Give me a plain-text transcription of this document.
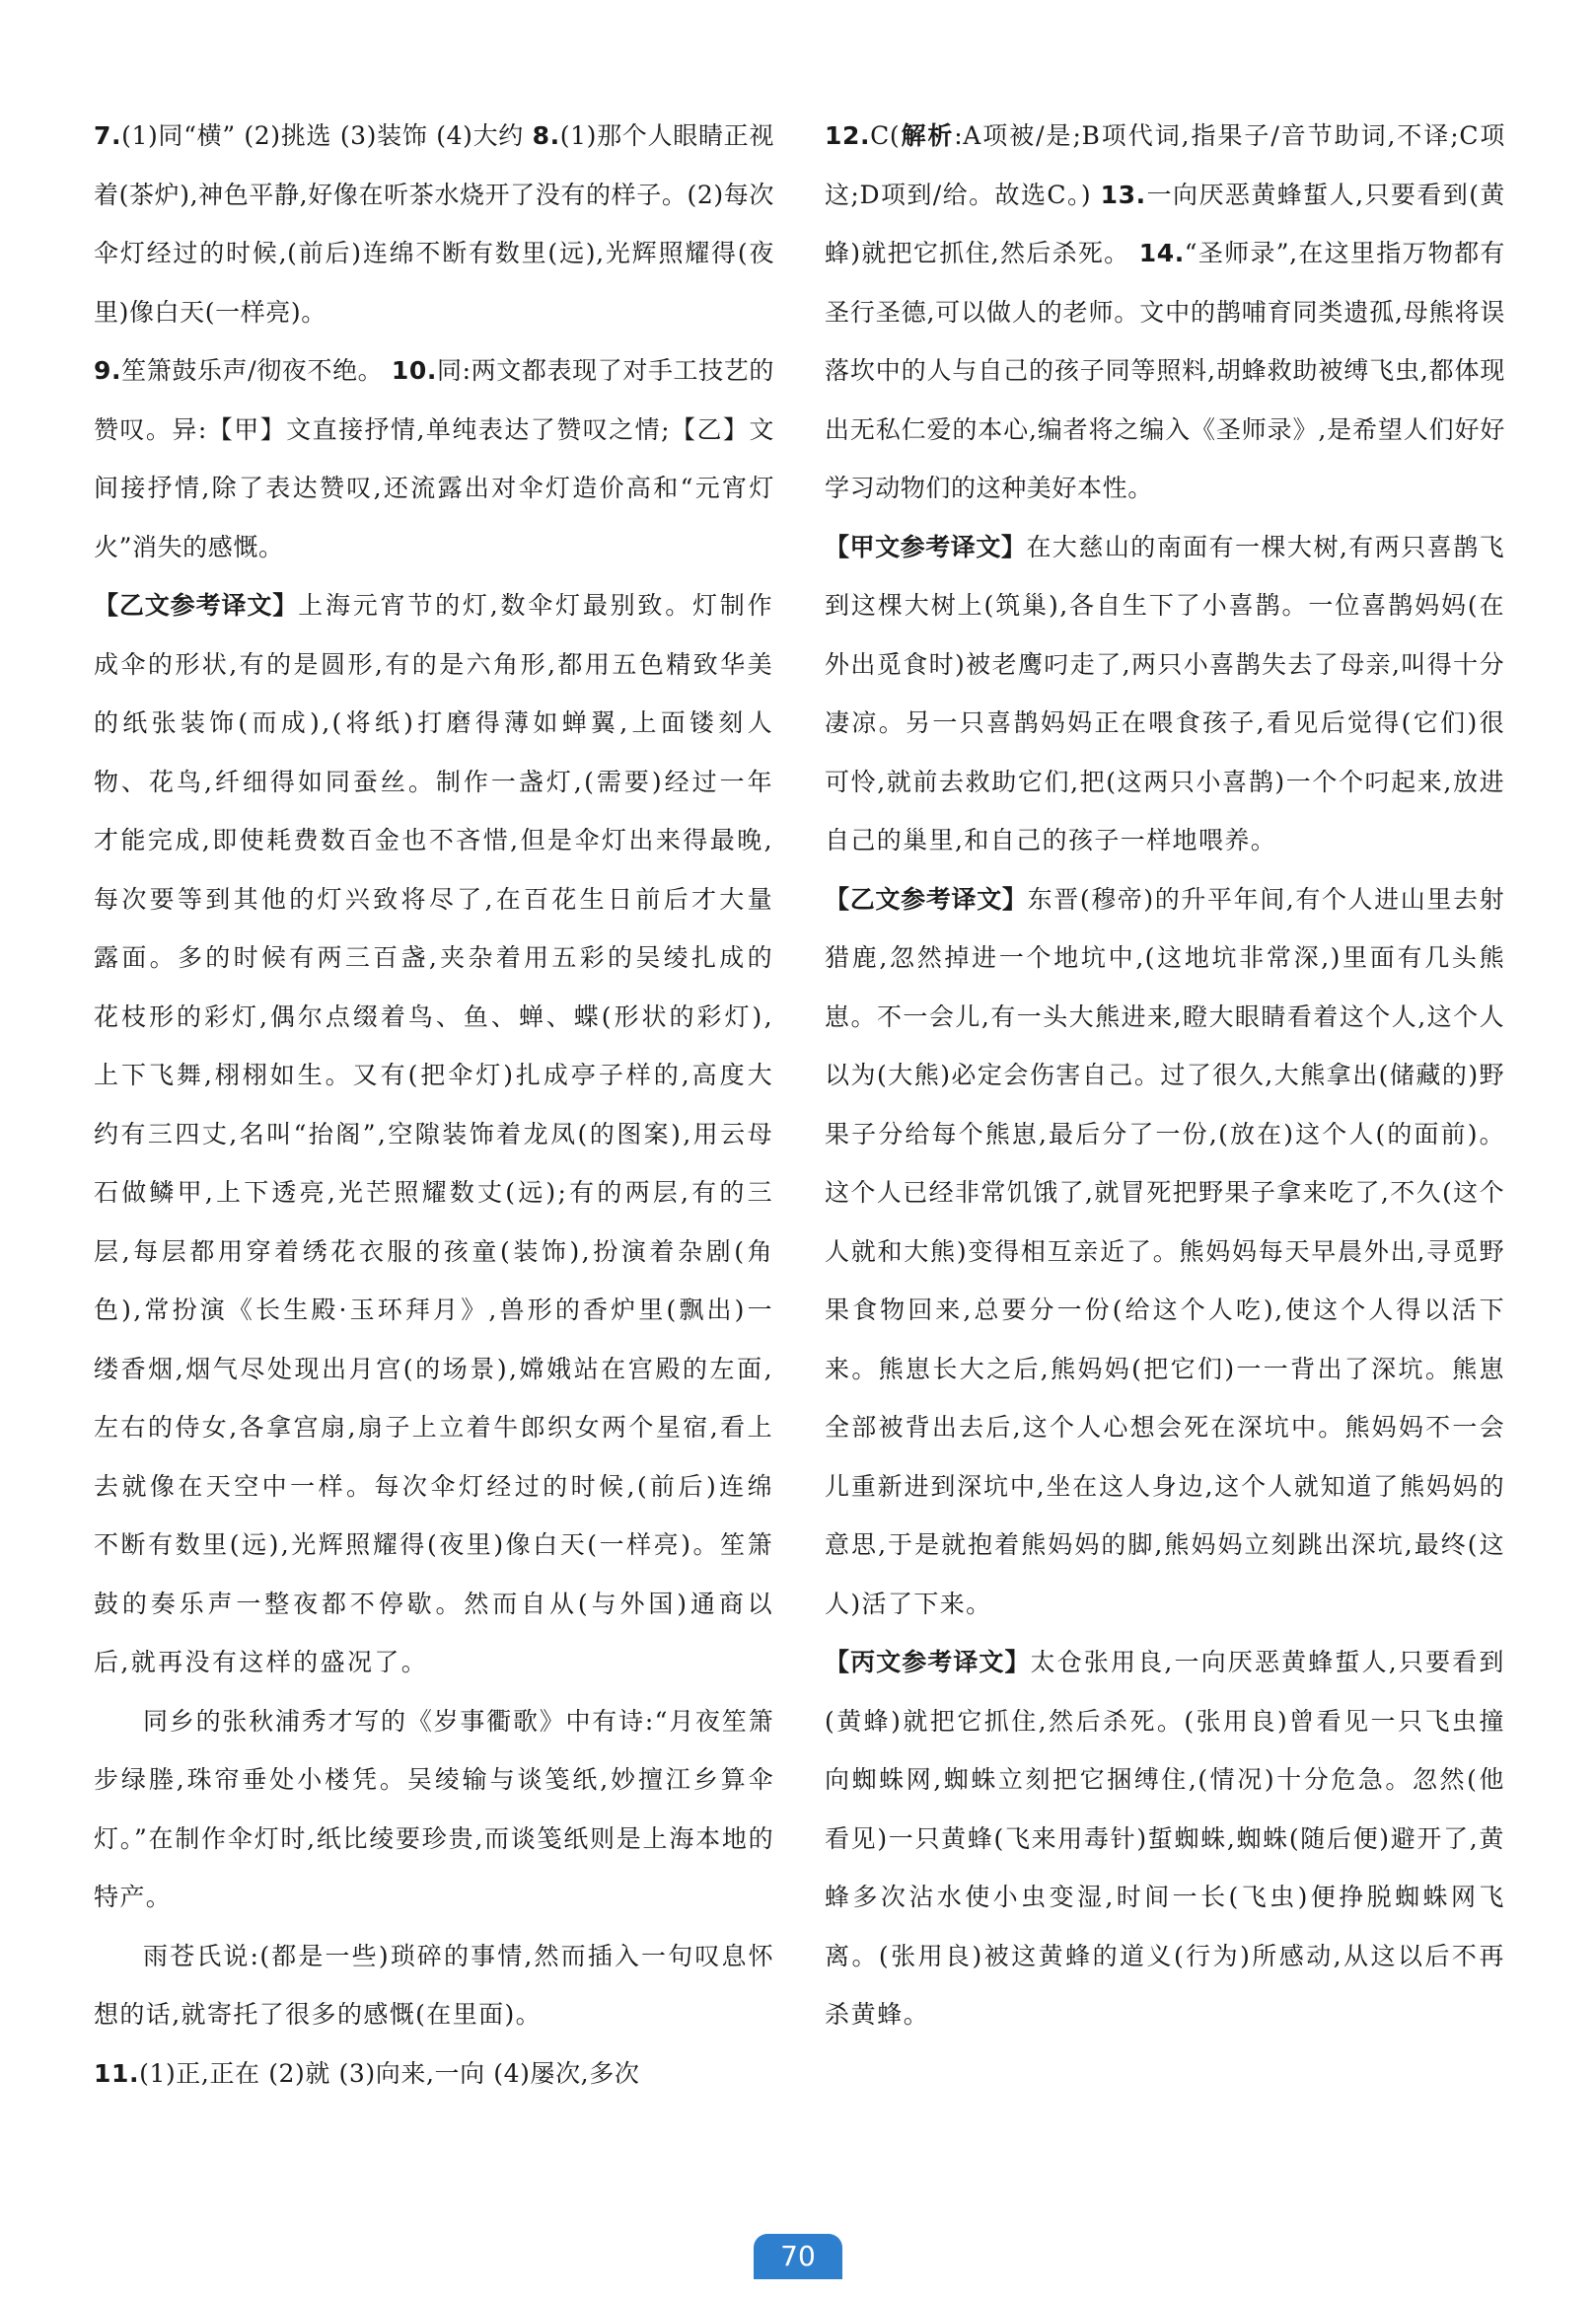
7.(1)同“横” (2)挑选 (3)装饰 (4)大约 8.(1)那个人眼睛正视着(茶炉),神色平静,好像在听茶水烧开了没有的样子。(2)每次伞灯经过的时候,(前后)连绵不断有数里(远),光辉照耀得(夜里)像白天(一样亮)。

9.笙箫鼓乐声/彻夜不绝。 10.同:两文都表现了对手工技艺的赞叹。异:【甲】文直接抒情,单纯表达了赞叹之情;【乙】文间接抒情,除了表达赞叹,还流露出对伞灯造价高和“元宵灯火”消失的感慨。

【乙文参考译文】上海元宵节的灯,数伞灯最别致。灯制作成伞的形状,有的是圆形,有的是六角形,都用五色精致华美的纸张装饰(而成),(将纸)打磨得薄如蝉翼,上面镂刻人物、花鸟,纤细得如同蚕丝。制作一盏灯,(需要)经过一年才能完成,即使耗费数百金也不吝惜,但是伞灯出来得最晚,每次要等到其他的灯兴致将尽了,在百花生日前后才大量露面。多的时候有两三百盏,夹杂着用五彩的吴绫扎成的花枝形的彩灯,偶尔点缀着鸟、鱼、蝉、蝶(形状的彩灯),上下飞舞,栩栩如生。又有(把伞灯)扎成亭子样的,高度大约有三四丈,名叫“抬阁”,空隙装饰着龙凤(的图案),用云母石做鳞甲,上下透亮,光芒照耀数丈(远);有的两层,有的三层,每层都用穿着绣花衣服的孩童(装饰),扮演着杂剧(角色),常扮演《长生殿·玉环拜月》,兽形的香炉里(飘出)一缕香烟,烟气尽处现出月宫(的场景),嫦娥站在宫殿的左面,左右的侍女,各拿宫扇,扇子上立着牛郎织女两个星宿,看上去就像在天空中一样。每次伞灯经过的时候,(前后)连绵不断有数里(远),光辉照耀得(夜里)像白天(一样亮)。笙箫鼓的奏乐声一整夜都不停歇。然而自从(与外国)通商以后,就再没有这样的盛况了。

同乡的张秋浦秀才写的《岁事衢歌》中有诗:“月夜笙箫步绿塍,珠帘垂处小楼凭。吴绫输与谈笺纸,妙擅江乡算伞灯。”在制作伞灯时,纸比绫要珍贵,而谈笺纸则是上海本地的特产。

雨苍氏说:(都是一些)琐碎的事情,然而插入一句叹息怀想的话,就寄托了很多的感慨(在里面)。

11.(1)正,正在 (2)就 (3)向来,一向 (4)屡次,多次

12.C(解析:A项被/是;B项代词,指果子/音节助词,不译;C项这;D项到/给。故选C。) 13.一向厌恶黄蜂蜇人,只要看到(黄蜂)就把它抓住,然后杀死。 14.“圣师录”,在这里指万物都有圣行圣德,可以做人的老师。文中的鹊哺育同类遗孤,母熊将误落坎中的人与自己的孩子同等照料,胡蜂救助被缚飞虫,都体现出无私仁爱的本心,编者将之编入《圣师录》,是希望人们好好学习动物们的这种美好本性。

【甲文参考译文】在大慈山的南面有一棵大树,有两只喜鹊飞到这棵大树上(筑巢),各自生下了小喜鹊。一位喜鹊妈妈(在外出觅食时)被老鹰叼走了,两只小喜鹊失去了母亲,叫得十分凄凉。另一只喜鹊妈妈正在喂食孩子,看见后觉得(它们)很可怜,就前去救助它们,把(这两只小喜鹊)一个个叼起来,放进自己的巢里,和自己的孩子一样地喂养。

【乙文参考译文】东晋(穆帝)的升平年间,有个人进山里去射猎鹿,忽然掉进一个地坑中,(这地坑非常深,)里面有几头熊崽。不一会儿,有一头大熊进来,瞪大眼睛看着这个人,这个人以为(大熊)必定会伤害自己。过了很久,大熊拿出(储藏的)野果子分给每个熊崽,最后分了一份,(放在)这个人(的面前)。这个人已经非常饥饿了,就冒死把野果子拿来吃了,不久(这个人就和大熊)变得相互亲近了。熊妈妈每天早晨外出,寻觅野果食物回来,总要分一份(给这个人吃),使这个人得以活下来。熊崽长大之后,熊妈妈(把它们)一一背出了深坑。熊崽全部被背出去后,这个人心想会死在深坑中。熊妈妈不一会儿重新进到深坑中,坐在这人身边,这个人就知道了熊妈妈的意思,于是就抱着熊妈妈的脚,熊妈妈立刻跳出深坑,最终(这人)活了下来。

【丙文参考译文】太仓张用良,一向厌恶黄蜂蜇人,只要看到(黄蜂)就把它抓住,然后杀死。(张用良)曾看见一只飞虫撞向蜘蛛网,蜘蛛立刻把它捆缚住,(情况)十分危急。忽然(他看见)一只黄蜂(飞来用毒针)蜇蜘蛛,蜘蛛(随后便)避开了,黄蜂多次沾水使小虫变湿,时间一长(飞虫)便挣脱蜘蛛网飞离。(张用良)被这黄蜂的道义(行为)所感动,从这以后不再杀黄蜂。

70
